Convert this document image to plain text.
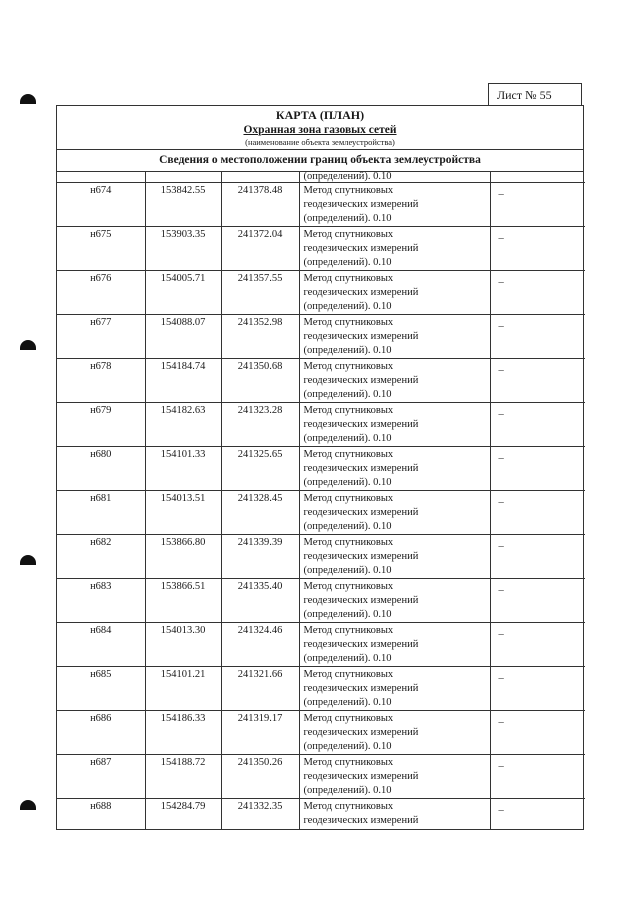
Лист № 55
КАРТА (ПЛАН)
Охранная зона газовых сетей
(наименование объекта землеустройства)
Сведения о местоположении границ объекта землеустройства
			(определений). 0.10	
н674	153842.55	241378.48	Метод спутниковых
геодезических измерений
(определений). 0.10	–
н675	153903.35	241372.04	Метод спутниковых
геодезических измерений
(определений). 0.10	–
н676	154005.71	241357.55	Метод спутниковых
геодезических измерений
(определений). 0.10	–
н677	154088.07	241352.98	Метод спутниковых
геодезических измерений
(определений). 0.10	–
н678	154184.74	241350.68	Метод спутниковых
геодезических измерений
(определений). 0.10	–
н679	154182.63	241323.28	Метод спутниковых
геодезических измерений
(определений). 0.10	–
н680	154101.33	241325.65	Метод спутниковых
геодезических измерений
(определений). 0.10	–
н681	154013.51	241328.45	Метод спутниковых
геодезических измерений
(определений). 0.10	–
н682	153866.80	241339.39	Метод спутниковых
геодезических измерений
(определений). 0.10	–
н683	153866.51	241335.40	Метод спутниковых
геодезических измерений
(определений). 0.10	–
н684	154013.30	241324.46	Метод спутниковых
геодезических измерений
(определений). 0.10	–
н685	154101.21	241321.66	Метод спутниковых
геодезических измерений
(определений). 0.10	–
н686	154186.33	241319.17	Метод спутниковых
геодезических измерений
(определений). 0.10	–
н687	154188.72	241350.26	Метод спутниковых
геодезических измерений
(определений). 0.10	–
н688	154284.79	241332.35	Метод спутниковых
геодезических измерений	–
